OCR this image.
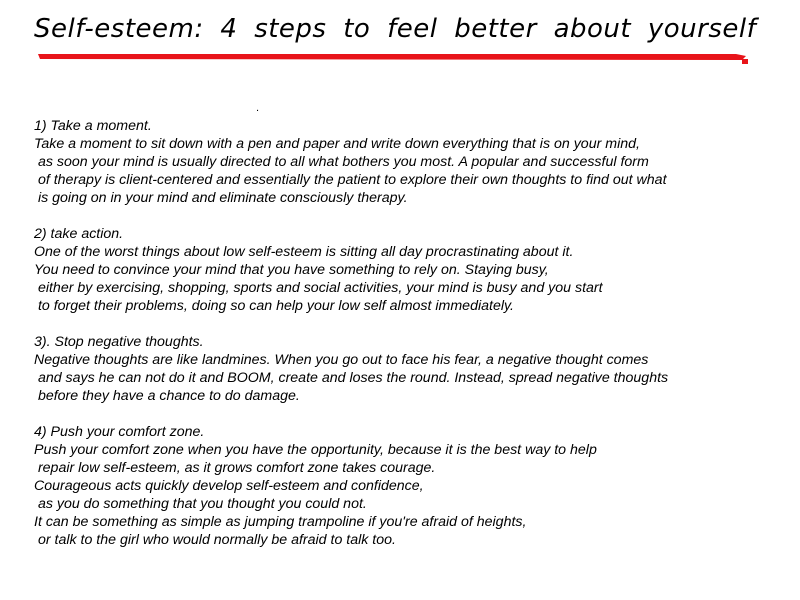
Self-esteem: 4 steps to feel better about yourself
.
1) Take a moment.
Take a moment to sit down with a pen and paper and write down everything that is on your mind,
as soon your mind is usually directed to all what bothers you most. A popular and successful form
of therapy is client-centered and essentially the patient to explore their own thoughts to find out what
is going on in your mind and eliminate consciously therapy.
2) take action.
One of the worst things about low self-esteem is sitting all day procrastinating about it.
You need to convince your mind that you have something to rely on. Staying busy,
either by exercising, shopping, sports and social activities, your mind is busy and you start
to forget their problems, doing so can help your low self almost immediately.
3). Stop negative thoughts.
Negative thoughts are like landmines. When you go out to face his fear, a negative thought comes
and says he can not do it and BOOM, create and loses the round. Instead, spread negative thoughts
before they have a chance to do damage.
4) Push your comfort zone.
Push your comfort zone when you have the opportunity, because it is the best way to help
repair low self-esteem, as it grows comfort zone takes courage.
Courageous acts quickly develop self-esteem and confidence,
as you do something that you thought you could not.
It can be something as simple as jumping trampoline if you're afraid of heights,
or talk to the girl who would normally be afraid to talk too.
